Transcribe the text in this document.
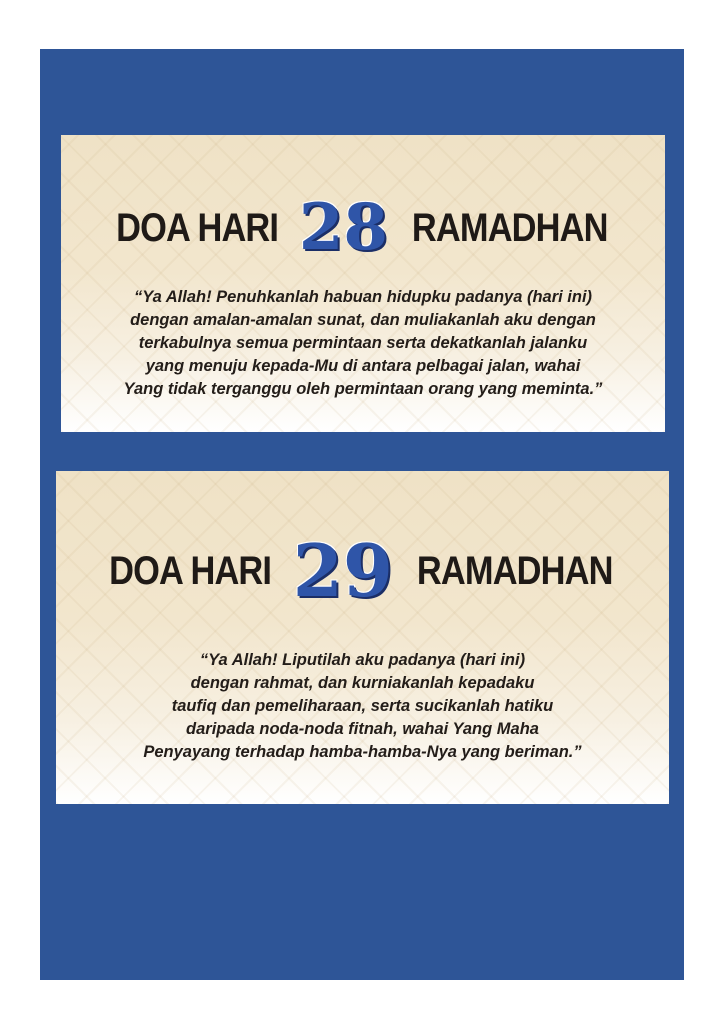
DOA HARI 28 RAMADHAN

“Ya Allah! Penuhkanlah habuan hidupku padanya (hari ini)
dengan amalan-amalan sunat, dan muliakanlah aku dengan
terkabulnya semua permintaan serta dekatkanlah jalanku
yang menuju kepada-Mu di antara pelbagai jalan, wahai
Yang tidak terganggu oleh permintaan orang yang meminta.”

DOA HARI 29 RAMADHAN

“Ya Allah! Liputilah aku padanya (hari ini)
dengan rahmat, dan kurniakanlah kepadaku
taufiq dan pemeliharaan, serta sucikanlah hatiku
daripada noda-noda fitnah, wahai Yang Maha
Penyayang terhadap hamba-hamba-Nya yang beriman.”
